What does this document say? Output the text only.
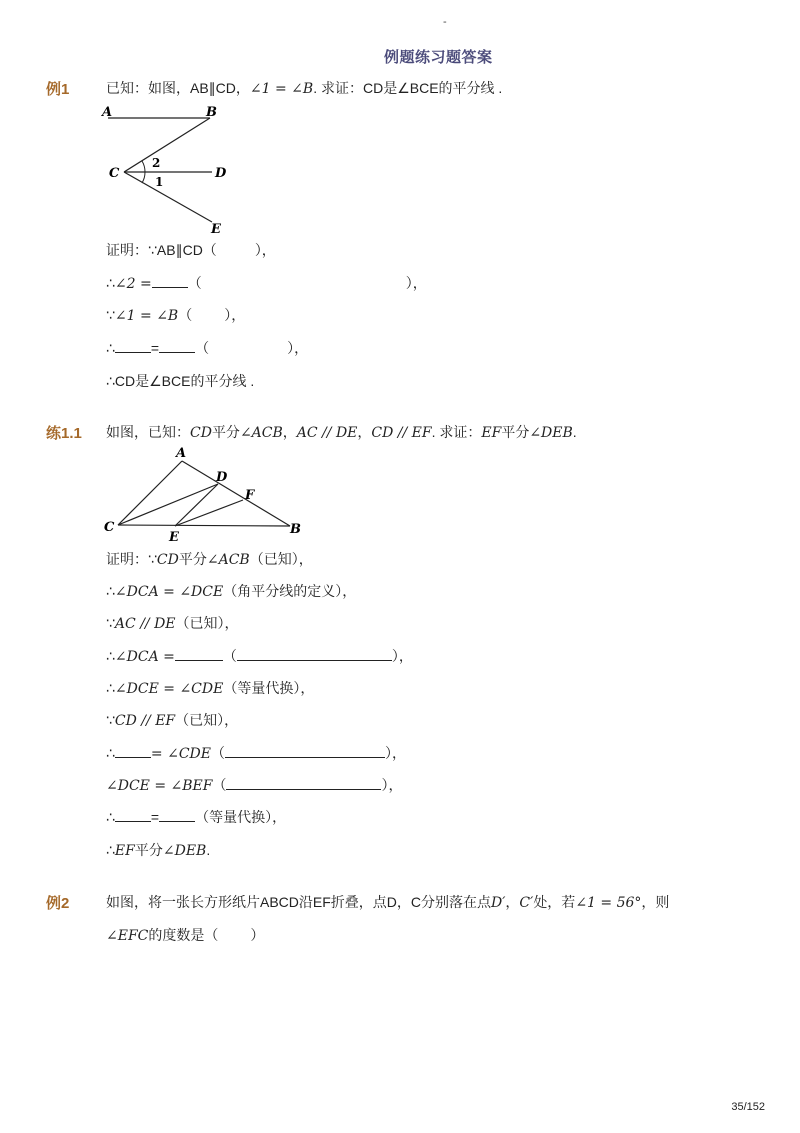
-
例题练习题答案
例1	已知：如图，AB∥CD，∠1 = ∠B. 求证：CD是∠BCE的平分线 .
A	B
C	D
E
2
1
证明：∵AB∥CD（	），
∴∠2 =	（	），
∵∠1 = ∠B（ ），
∴	=	（	），
∴CD是∠BCE的平分线 .
练1.1 如图，已知：CD平分∠ACB，AC // DE，CD // EF. 求证：EF平分∠DEB.
A
D
F
C
E
B
证明：∵CD平分∠ACB（已知），
∴∠DCA = ∠DCE（角平分线的定义），
∵AC // DE（已知），
∴∠DCA =	（	），
∴∠DCE = ∠CDE（等量代换），
∵CD // EF（已知），
∴	= ∠CDE（	），
∠DCE = ∠BEF（	），
∴	=	（等量代换），
∴EF平分∠DEB.
例2	如图，将一张长方形纸片ABCD沿EF折叠，点D，C分别落在点D′，C′处，若∠1 = 56°，则
∠EFC的度数是（ ）
35/152
